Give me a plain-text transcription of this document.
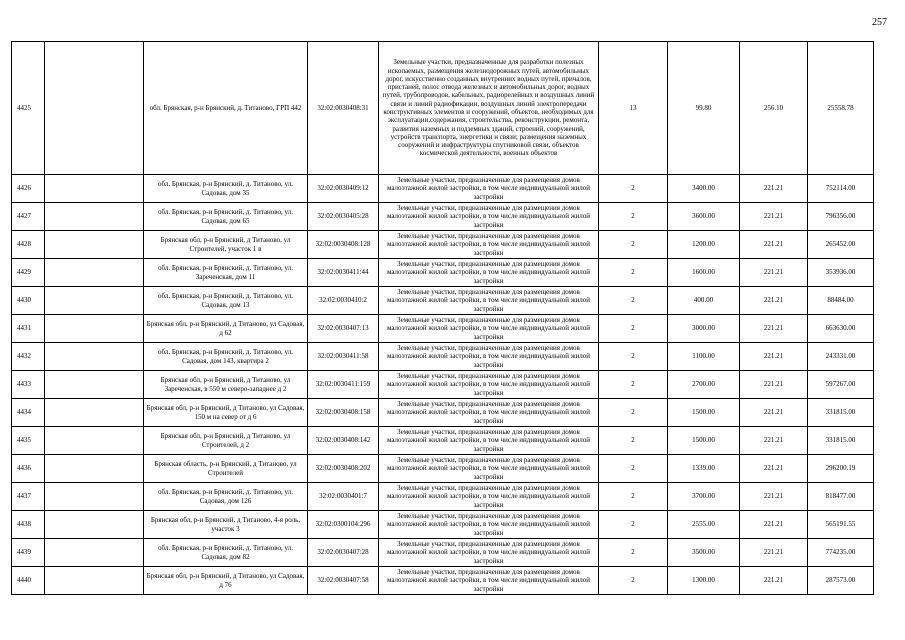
257
4425		обл. Брянская, р-н Брянский, д. Титаново, ГРП 442	32:02:0030408:31	Земельные участки, предназначенные для разработки полезных ископаемых, размещения железнодорожных путей, автомобильных дорог, искусственно созданных внутренних водных путей, причалов, пристаней, полос отвода железных и автомобильных дорог, водных путей, трубопроводов, кабельных, радиорелейных и воздушных линий связи и линий радиофикации, воздушных линий электропередачи конструктивных элементов и сооружений, объектов, необходимых для эксплуатации,содержания, строительства, реконструкции, ремонта, развития наземных и подземных зданий, строений, сооружений, устройств транспорта, энергетики и связи; размещения наземных сооружений и инфраструктуры спутниковой связи, объектов космической деятельности, военных объектов	13	99.80	256.10	25558.78
4426		обл. Брянская, р-н Брянский, д. Титаново, ул. Садовая, дом 35	32:02:0030409:12	Земельные участки, предназначенные для размещения домов малоэтажной жилой застройки, в том числе индивидуальной жилой застройки	2	3400.00	221.21	752114.00
4427		обл. Брянская, р-н Брянский, д. Титаново, ул. Садовая, дом 65	32:02:0030405:28	Земельные участки, предназначенные для размещения домов малоэтажной жилой застройки, в том числе индивидуальной жилой застройки	2	3600.00	221.21	796356.00
4428		Брянская обл, р-н Брянский, д Титаново, ул Строителей, участок 1 в	32:02:0030408:128	Земельные участки, предназначенные для размещения домов малоэтажной жилой застройки, в том числе индивидуальной жилой застройки	2	1200.00	221.21	265452.00
4429		обл. Брянская, р-н Брянский, д. Титаново, ул. Зареченская, дом 11	32:02:0030411:44	Земельные участки, предназначенные для размещения домов малоэтажной жилой застройки, в том числе индивидуальной жилой застройки	2	1600.00	221.21	353936.00
4430		обл. Брянская, р-н Брянский, д. Титаново, ул. Садовая, дом 13	32:02:0030410:2	Земельные участки, предназначенные для размещения домов малоэтажной жилой застройки, в том числе индивидуальной жилой застройки	2	400.00	221.21	88484.00
4431		Брянская обл, р-н Брянский, д Титаново, ул Садовая, д 62	32:02:0030407:13	Земельные участки, предназначенные для размещения домов малоэтажной жилой застройки, в том числе индивидуальной жилой застройки	2	3000.00	221.21	663630.00
4432		обл. Брянская, р-н Брянский, д. Титаново, ул. Садовая, дом 143, квартира 2	32:02:0030411:58	Земельные участки, предназначенные для размещения домов малоэтажной жилой застройки, в том числе индивидуальной жилой застройки	2	1100.00	221.21	243331.00
4433		Брянская обл, р-н Брянский, д Титаново, ул Зареченская, в 550 м северо-западнее д 2	32:02:0030411:159	Земельные участки, предназначенные для размещения домов малоэтажной жилой застройки, в том числе индивидуальной жилой застройки	2	2700.00	221.21	597267.00
4434		Брянская обл, р-н Брянский, д Титаново, ул Садовая, 150 м на север от д 6	32:02:0030408:158	Земельные участки, предназначенные для размещения домов малоэтажной жилой застройки, в том числе индивидуальной жилой застройки	2	1500.00	221.21	331815.00
4435		Брянская обл, р-н Брянский, д Титаново, ул Строителей, д 2	32:02:0030408:142	Земельные участки, предназначенные для размещения домов малоэтажной жилой застройки, в том числе индивидуальной жилой застройки	2	1500.00	221.21	331815.00
4436		Брянская область, р-н Брянский, д Титаново, ул Строителей	32:02:0030408:202	Земельные участки, предназначенные для размещения домов малоэтажной жилой застройки, в том числе индивидуальной жилой застройки	2	1339.00	221.21	296200.19
4437		обл. Брянская, р-н Брянский, д. Титаново, ул. Садовая, дом 126	32:02:0030401:7	Земельные участки, предназначенные для размещения домов малоэтажной жилой застройки, в том числе индивидуальной жилой застройки	2	3700.00	221.21	818477.00
4438		Брянская обл, р-н Брянский, д Титаново, 4-я роль, участок 3	32:02:0300104:296	Земельные участки, предназначенные для размещения домов малоэтажной жилой застройки, в том числе индивидуальной жилой застройки	2	2555.00	221.21	565191.55
4439		обл. Брянская, р-н Брянский, д. Титаново, ул. Садовая, дом 82	32:02:0030407:28	Земельные участки, предназначенные для размещения домов малоэтажной жилой застройки, в том числе индивидуальной жилой застройки	2	3500.00	221.21	774235.00
4440		Брянская обл, р-н Брянский, д Титаново, ул Садовая, д 76	32:02:0030407:58	Земельные участки, предназначенные для размещения домов малоэтажной жилой застройки, в том числе индивидуальной жилой застройки	2	1300.00	221.21	287573.00
